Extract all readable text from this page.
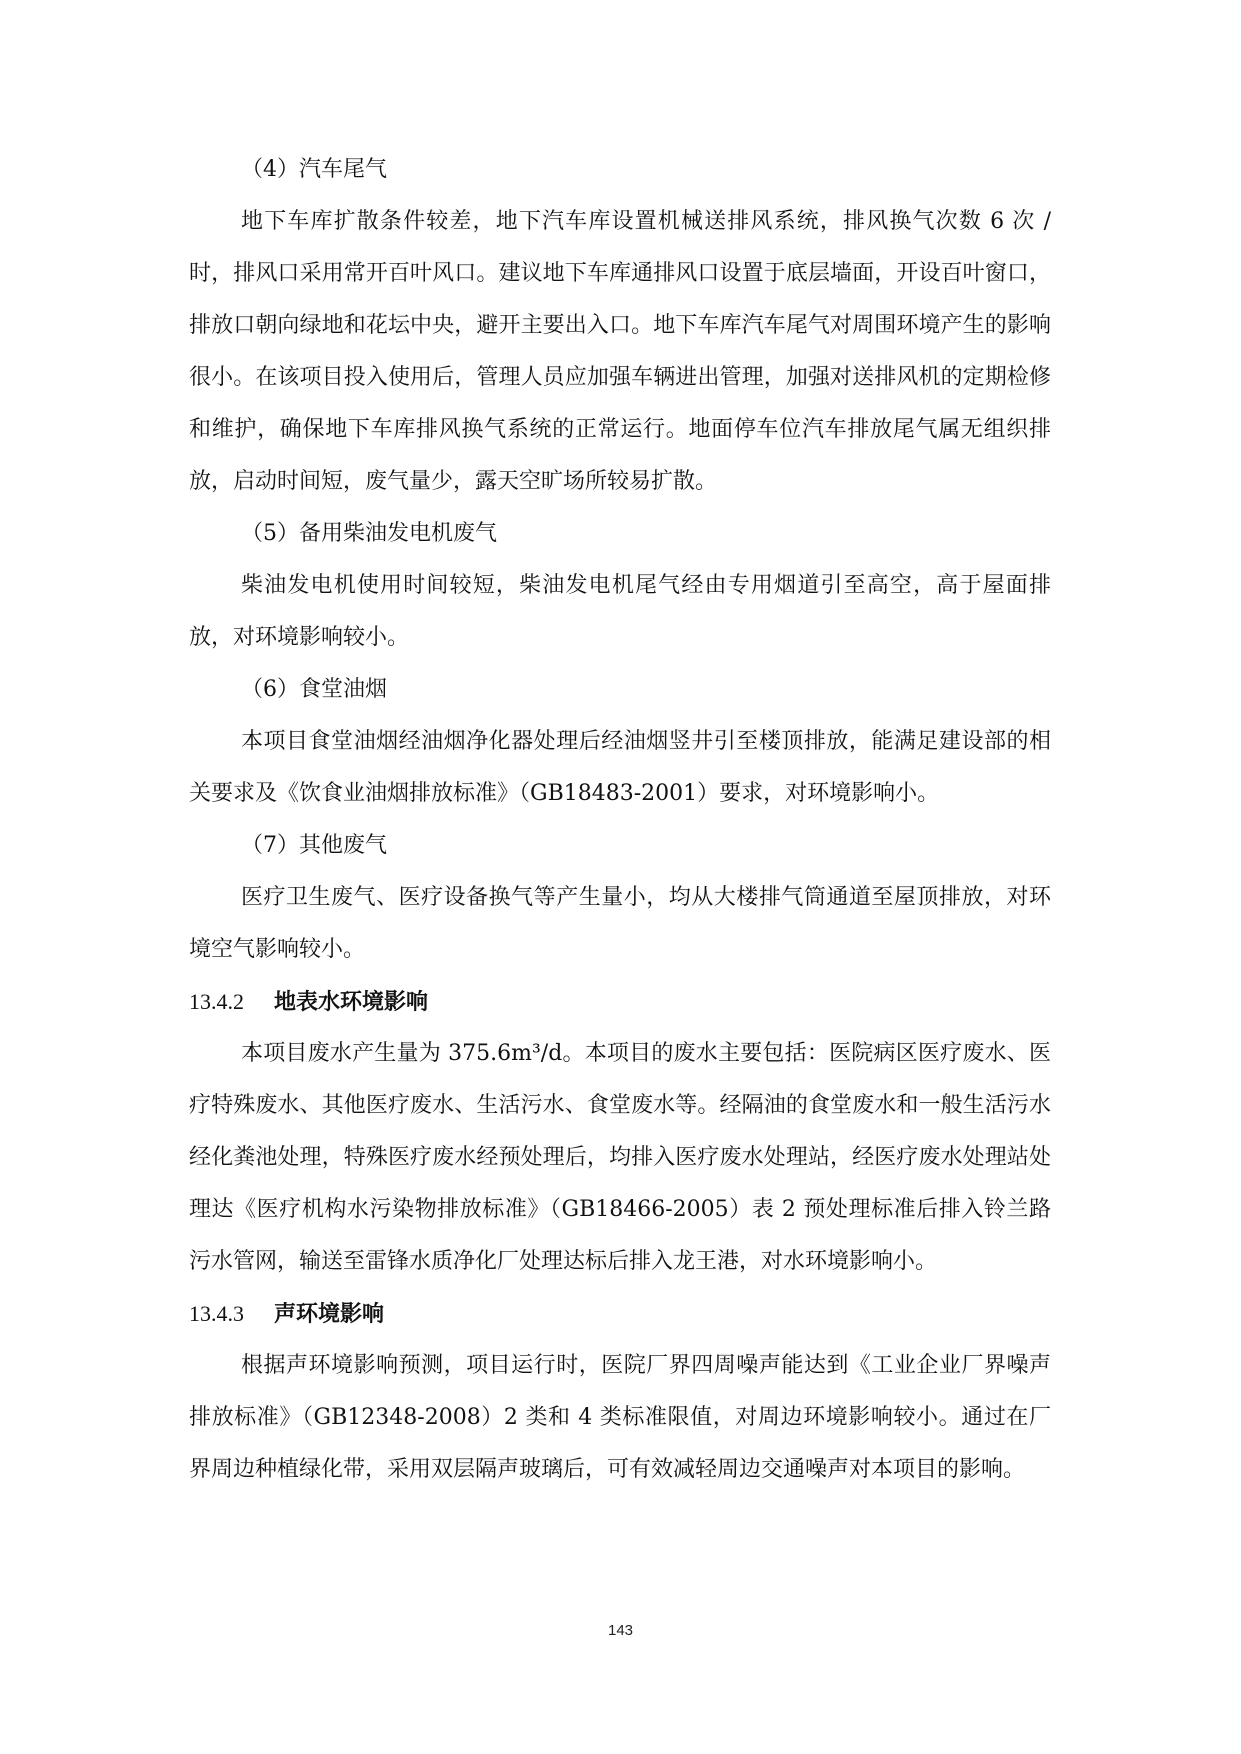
（4）汽车尾气

地下车库扩散条件较差，地下汽车库设置机械送排风系统，排风换气次数 6 次 / 时，排风口采用常开百叶风口。建议地下车库通排风口设置于底层墙面，开设百叶窗口，排放口朝向绿地和花坛中央，避开主要出入口。地下车库汽车尾气对周围环境产生的影响很小。在该项目投入使用后，管理人员应加强车辆进出管理，加强对送排风机的定期检修和维护，确保地下车库排风换气系统的正常运行。地面停车位汽车排放尾气属无组织排放，启动时间短，废气量少，露天空旷场所较易扩散。

（5）备用柴油发电机废气

柴油发电机使用时间较短，柴油发电机尾气经由专用烟道引至高空，高于屋面排放，对环境影响较小。

（6）食堂油烟

本项目食堂油烟经油烟净化器处理后经油烟竖井引至楼顶排放，能满足建设部的相关要求及《饮食业油烟排放标准》（GB18483-2001）要求，对环境影响小。

（7）其他废气

医疗卫生废气、医疗设备换气等产生量小，均从大楼排气筒通道至屋顶排放，对环境空气影响较小。

13.4.2 地表水环境影响

本项目废水产生量为 375.6m³/d。本项目的废水主要包括：医院病区医疗废水、医疗特殊废水、其他医疗废水、生活污水、食堂废水等。经隔油的食堂废水和一般生活污水经化粪池处理，特殊医疗废水经预处理后，均排入医疗废水处理站，经医疗废水处理站处理达《医疗机构水污染物排放标准》（GB18466-2005）表 2 预处理标准后排入铃兰路污水管网，输送至雷锋水质净化厂处理达标后排入龙王港，对水环境影响小。

13.4.3 声环境影响

根据声环境影响预测，项目运行时，医院厂界四周噪声能达到《工业企业厂界噪声排放标准》（GB12348-2008）2 类和 4 类标准限值，对周边环境影响较小。通过在厂界周边种植绿化带，采用双层隔声玻璃后，可有效减轻周边交通噪声对本项目的影响。

143
